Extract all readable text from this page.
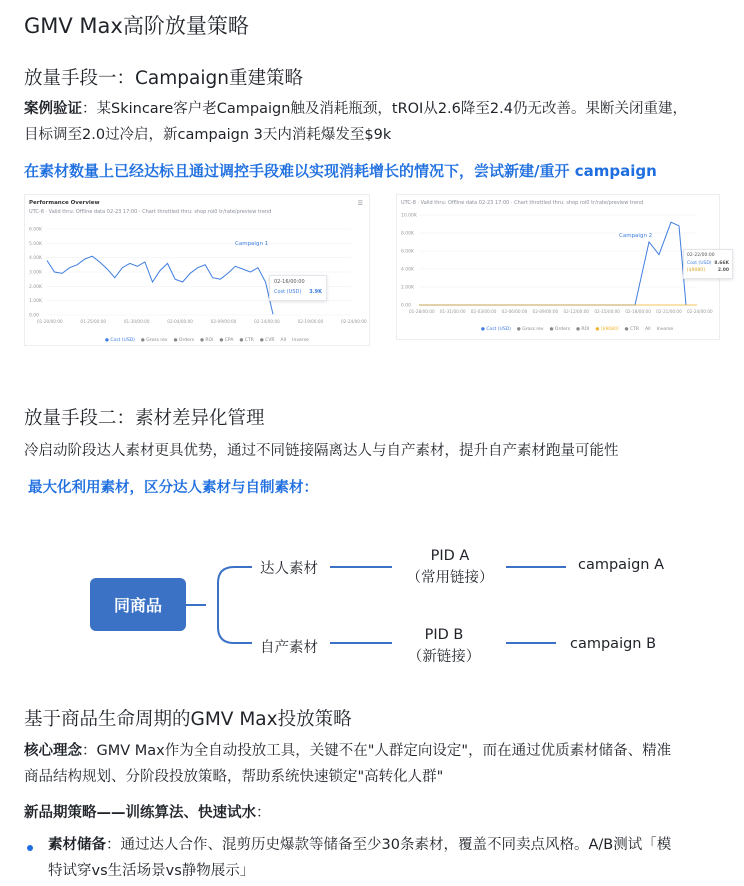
GMV Max高阶放量策略
放量手段一：Campaign重建策略
案例验证：某Skincare客户老Campaign触及消耗瓶颈，tROI从2.6降至2.4仍无改善。果断关闭重建，
目标调至2.0过冷启，新campaign 3天内消耗爆发至$9k
在素材数量上已经达标且通过调控手段难以实现消耗增长的情况下，尝试新建/重开 campaign
Performance Overview
UTC-8 · Valid thru: Offline data 02-23 17:00 · Chart throttled thru: shop roi0 tr/rate/preview trend
☰
6.00K
5.00K
4.00K
3.00K
2.00K
1.00K
0.00
01-20/00:00	01-25/00:00	01-30/00:00	02-04/00:00	02-09/00:00	02-14/00:00	02-19/00:00	02-24/00:00
Campaign 1
02-16/00:00
Cost (USD) 3.9K
● Cost (USD) ● Gross rev ● Orders ● ROI ● CPA ● CTR ● CVR All Inverse
UTC-8 · Valid thru: Offline data 02-23 17:00 · Chart throttled thru: shop roi0 tr/rate/preview trend
10.00K
8.00K
6.00K
4.00K
2.00K
0.00
01-28/00:00 01-31/00:00 02-03/00:00 02-06/00:00 02-09/00:00 02-12/00:00 02-15/00:00 02-18/00:00 02-21/00:00 02-24/00:00
Campaign 2
02-22/00:00
Cost (USD) 8.66K
[$9080]	2.00
● Cost (USD) ● Gross rev ● Orders ● ROI ● [$9080] ● CTR All Inverse
放量手段二：素材差异化管理
冷启动阶段达人素材更具优势，通过不同链接隔离达人与自产素材，提升自产素材跑量可能性
最大化利用素材，区分达人素材与自制素材：
同商品
达人素材
自产素材
PID A
（常用链接）
PID B
（新链接）
campaign A
campaign B
基于商品生命周期的GMV Max投放策略
核心理念：GMV Max作为全自动投放工具，关键不在"人群定向设定"，而在通过优质素材储备、精准
商品结构规划、分阶段投放策略，帮助系统快速锁定"高转化人群"
新品期策略——训练算法、快速试水：
素材储备：通过达人合作、混剪历史爆款等储备至少30条素材，覆盖不同卖点风格。A/B测试「模
特试穿vs生活场景vs静物展示」
